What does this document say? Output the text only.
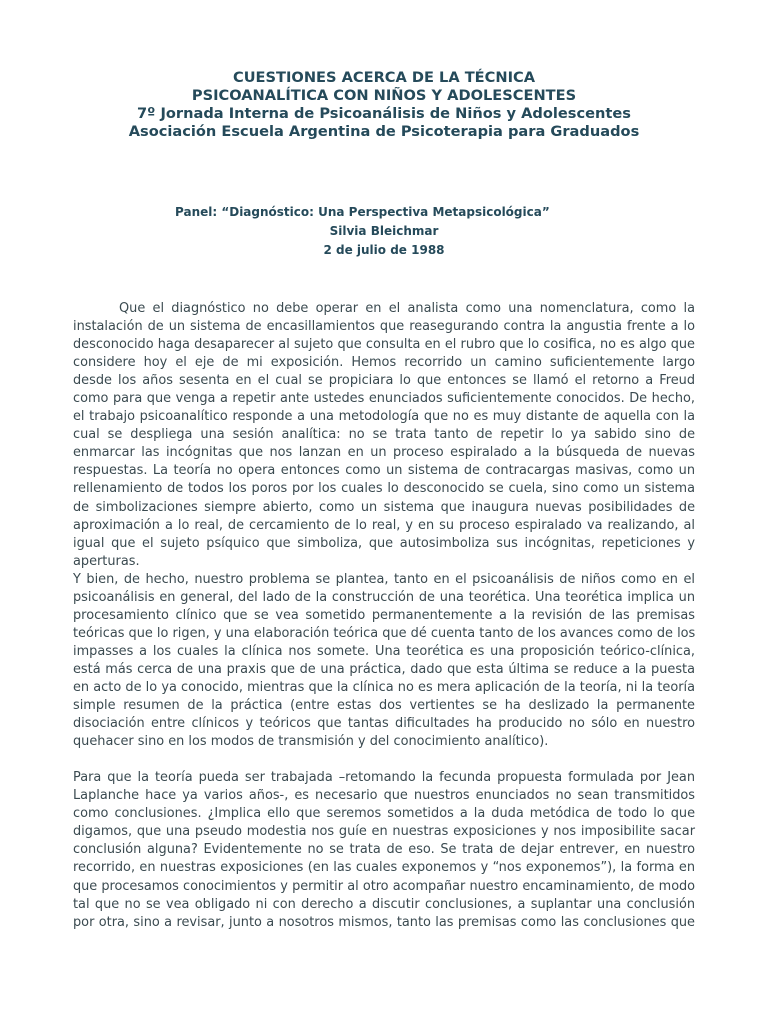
CUESTIONES ACERCA DE LA TÉCNICA
PSICOANALÍTICA CON NIÑOS Y ADOLESCENTES
7º Jornada Interna de Psicoanálisis de Niños y Adolescentes
Asociación Escuela Argentina de Psicoterapia para Graduados
Panel: “Diagnóstico: Una Perspectiva Metapsicológica”
Silvia Bleichmar
2 de julio de 1988
Que el diagnóstico no debe operar en el analista como una nomenclatura, como la
instalación de un sistema de encasillamientos que reasegurando contra la angustia frente a lo
desconocido haga desaparecer al sujeto que consulta en el rubro que lo cosifica, no es algo que
considere hoy el eje de mi exposición. Hemos recorrido un camino suficientemente largo
desde los años sesenta en el cual se propiciara lo que entonces se llamó el retorno a Freud
como para que venga a repetir ante ustedes enunciados suficientemente conocidos. De hecho,
el trabajo psicoanalítico responde a una metodología que no es muy distante de aquella con la
cual se despliega una sesión analítica: no se trata tanto de repetir lo ya sabido sino de
enmarcar las incógnitas que nos lanzan en un proceso espiralado a la búsqueda de nuevas
respuestas. La teoría no opera entonces como un sistema de contracargas masivas, como un
rellenamiento de todos los poros por los cuales lo desconocido se cuela, sino como un sistema
de simbolizaciones siempre abierto, como un sistema que inaugura nuevas posibilidades de
aproximación a lo real, de cercamiento de lo real, y en su proceso espiralado va realizando, al
igual que el sujeto psíquico que simboliza, que autosimboliza sus incógnitas, repeticiones y
aperturas.
Y bien, de hecho, nuestro problema se plantea, tanto en el psicoanálisis de niños como en el
psicoanálisis en general, del lado de la construcción de una teorética. Una teorética implica un
procesamiento clínico que se vea sometido permanentemente a la revisión de las premisas
teóricas que lo rigen, y una elaboración teórica que dé cuenta tanto de los avances como de los
impasses a los cuales la clínica nos somete. Una teorética es una proposición teórico-clínica,
está más cerca de una praxis que de una práctica, dado que esta última se reduce a la puesta
en acto de lo ya conocido, mientras que la clínica no es mera aplicación de la teoría, ni la teoría
simple resumen de la práctica (entre estas dos vertientes se ha deslizado la permanente
disociación entre clínicos y teóricos que tantas dificultades ha producido no sólo en nuestro
quehacer sino en los modos de transmisión y del conocimiento analítico).
Para que la teoría pueda ser trabajada –retomando la fecunda propuesta formulada por Jean
Laplanche hace ya varios años-, es necesario que nuestros enunciados no sean transmitidos
como conclusiones. ¿Implica ello que seremos sometidos a la duda metódica de todo lo que
digamos, que una pseudo modestia nos guíe en nuestras exposiciones y nos imposibilite sacar
conclusión alguna? Evidentemente no se trata de eso. Se trata de dejar entrever, en nuestro
recorrido, en nuestras exposiciones (en las cuales exponemos y “nos exponemos”), la forma en
que procesamos conocimientos y permitir al otro acompañar nuestro encaminamiento, de modo
tal que no se vea obligado ni con derecho a discutir conclusiones, a suplantar una conclusión
por otra, sino a revisar, junto a nosotros mismos, tanto las premisas como las conclusiones que
